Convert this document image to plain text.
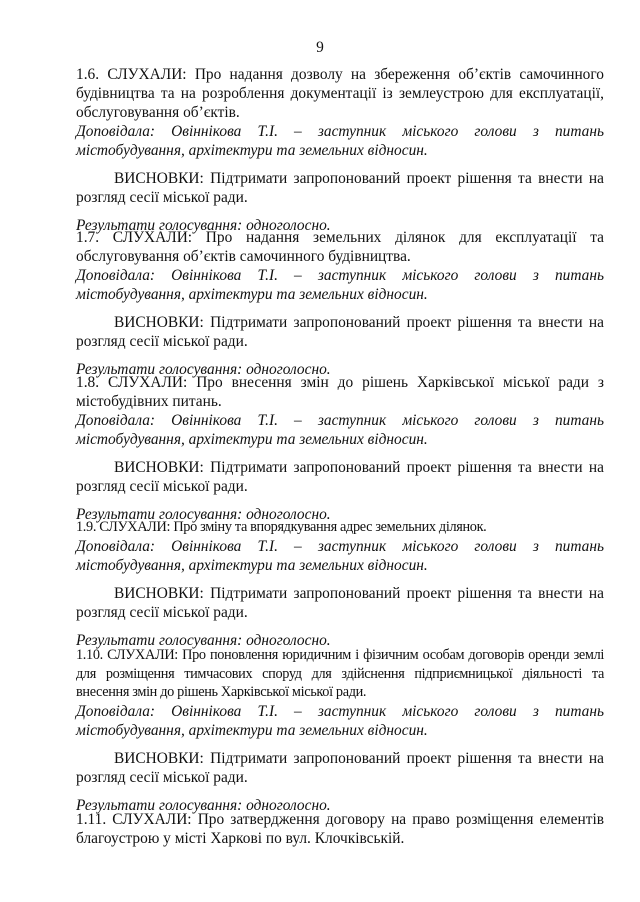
9

1.6. СЛУХАЛИ: Про надання дозволу на збереження об’єктів самочинного будівництва та на розроблення документації із землеустрою для експлуатації, обслуговування об’єктів.

Доповідала: Овіннікова Т.І. – заступник міського голови з питань

містобудування, архітектури та земельних відносин.

ВИСНОВКИ: Підтримати запропонований проект рішення та внести на розгляд сесії міської ради.

Результати голосування: одноголосно.

1.7. СЛУХАЛИ: Про надання земельних ділянок для експлуатації та обслуговування об’єктів самочинного будівництва.

Доповідала: Овіннікова Т.І. – заступник міського голови з питань

містобудування, архітектури та земельних відносин.

ВИСНОВКИ: Підтримати запропонований проект рішення та внести на розгляд сесії міської ради.

Результати голосування: одноголосно.

1.8. СЛУХАЛИ: Про внесення змін до рішень Харківської міської ради з містобудівних питань.

Доповідала: Овіннікова Т.І. – заступник міського голови з питань

містобудування, архітектури та земельних відносин.

ВИСНОВКИ: Підтримати запропонований проект рішення та внести на розгляд сесії міської ради.

Результати голосування: одноголосно.

1.9. СЛУХАЛИ: Про зміну та впорядкування адрес земельних ділянок.

Доповідала: Овіннікова Т.І. – заступник міського голови з питань

містобудування, архітектури та земельних відносин.

ВИСНОВКИ: Підтримати запропонований проект рішення та внести на розгляд сесії міської ради.

Результати голосування: одноголосно.

1.10. СЛУХАЛИ: Про поновлення юридичним і фізичним особам договорів оренди землі для розміщення тимчасових споруд для здійснення підприємницької діяльності та внесення змін до рішень Харківської міської ради.

Доповідала: Овіннікова Т.І. – заступник міського голови з питань

містобудування, архітектури та земельних відносин.

ВИСНОВКИ: Підтримати запропонований проект рішення та внести на розгляд сесії міської ради.

Результати голосування: одноголосно.

1.11. СЛУХАЛИ: Про затвердження договору на право розміщення елементів благоустрою у місті Харкові по вул. Клочківській.
